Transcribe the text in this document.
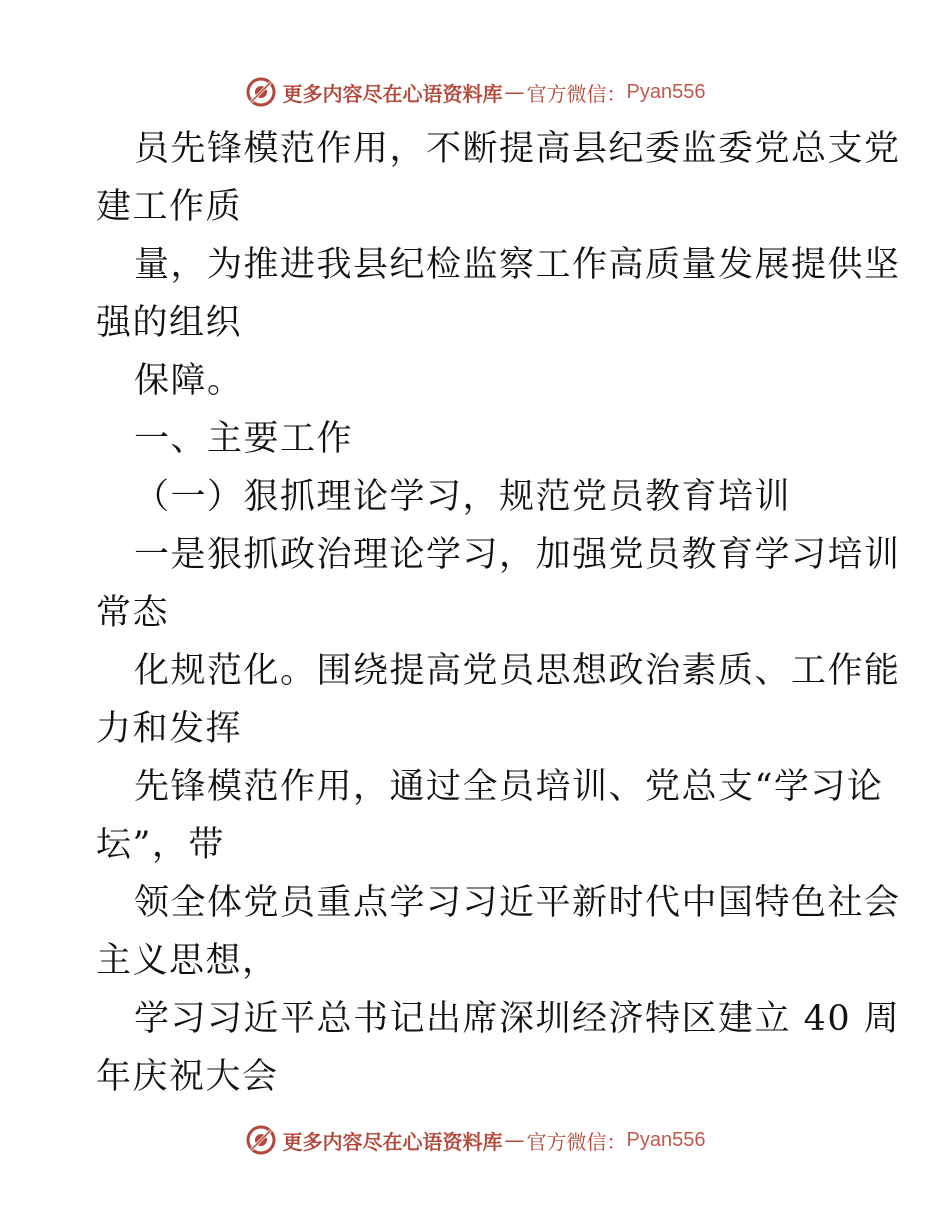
更多内容尽在心语资料库 — 官方微信： Pyan556
员先锋模范作用，不断提高县纪委监委党总支党
建工作质
量，为推进我县纪检监察工作高质量发展提供坚
强的组织
保障。
一、主要工作
（一）狠抓理论学习，规范党员教育培训
一是狠抓政治理论学习，加强党员教育学习培训
常态
化规范化。围绕提高党员思想政治素质、工作能
力和发挥
先锋模范作用，通过全员培训、党总支“学习论
坛”，带
领全体党员重点学习习近平新时代中国特色社会
主义思想，
学习习近平总书记出席深圳经济特区建立 40 周
年庆祝大会
更多内容尽在心语资料库 — 官方微信： Pyan556
